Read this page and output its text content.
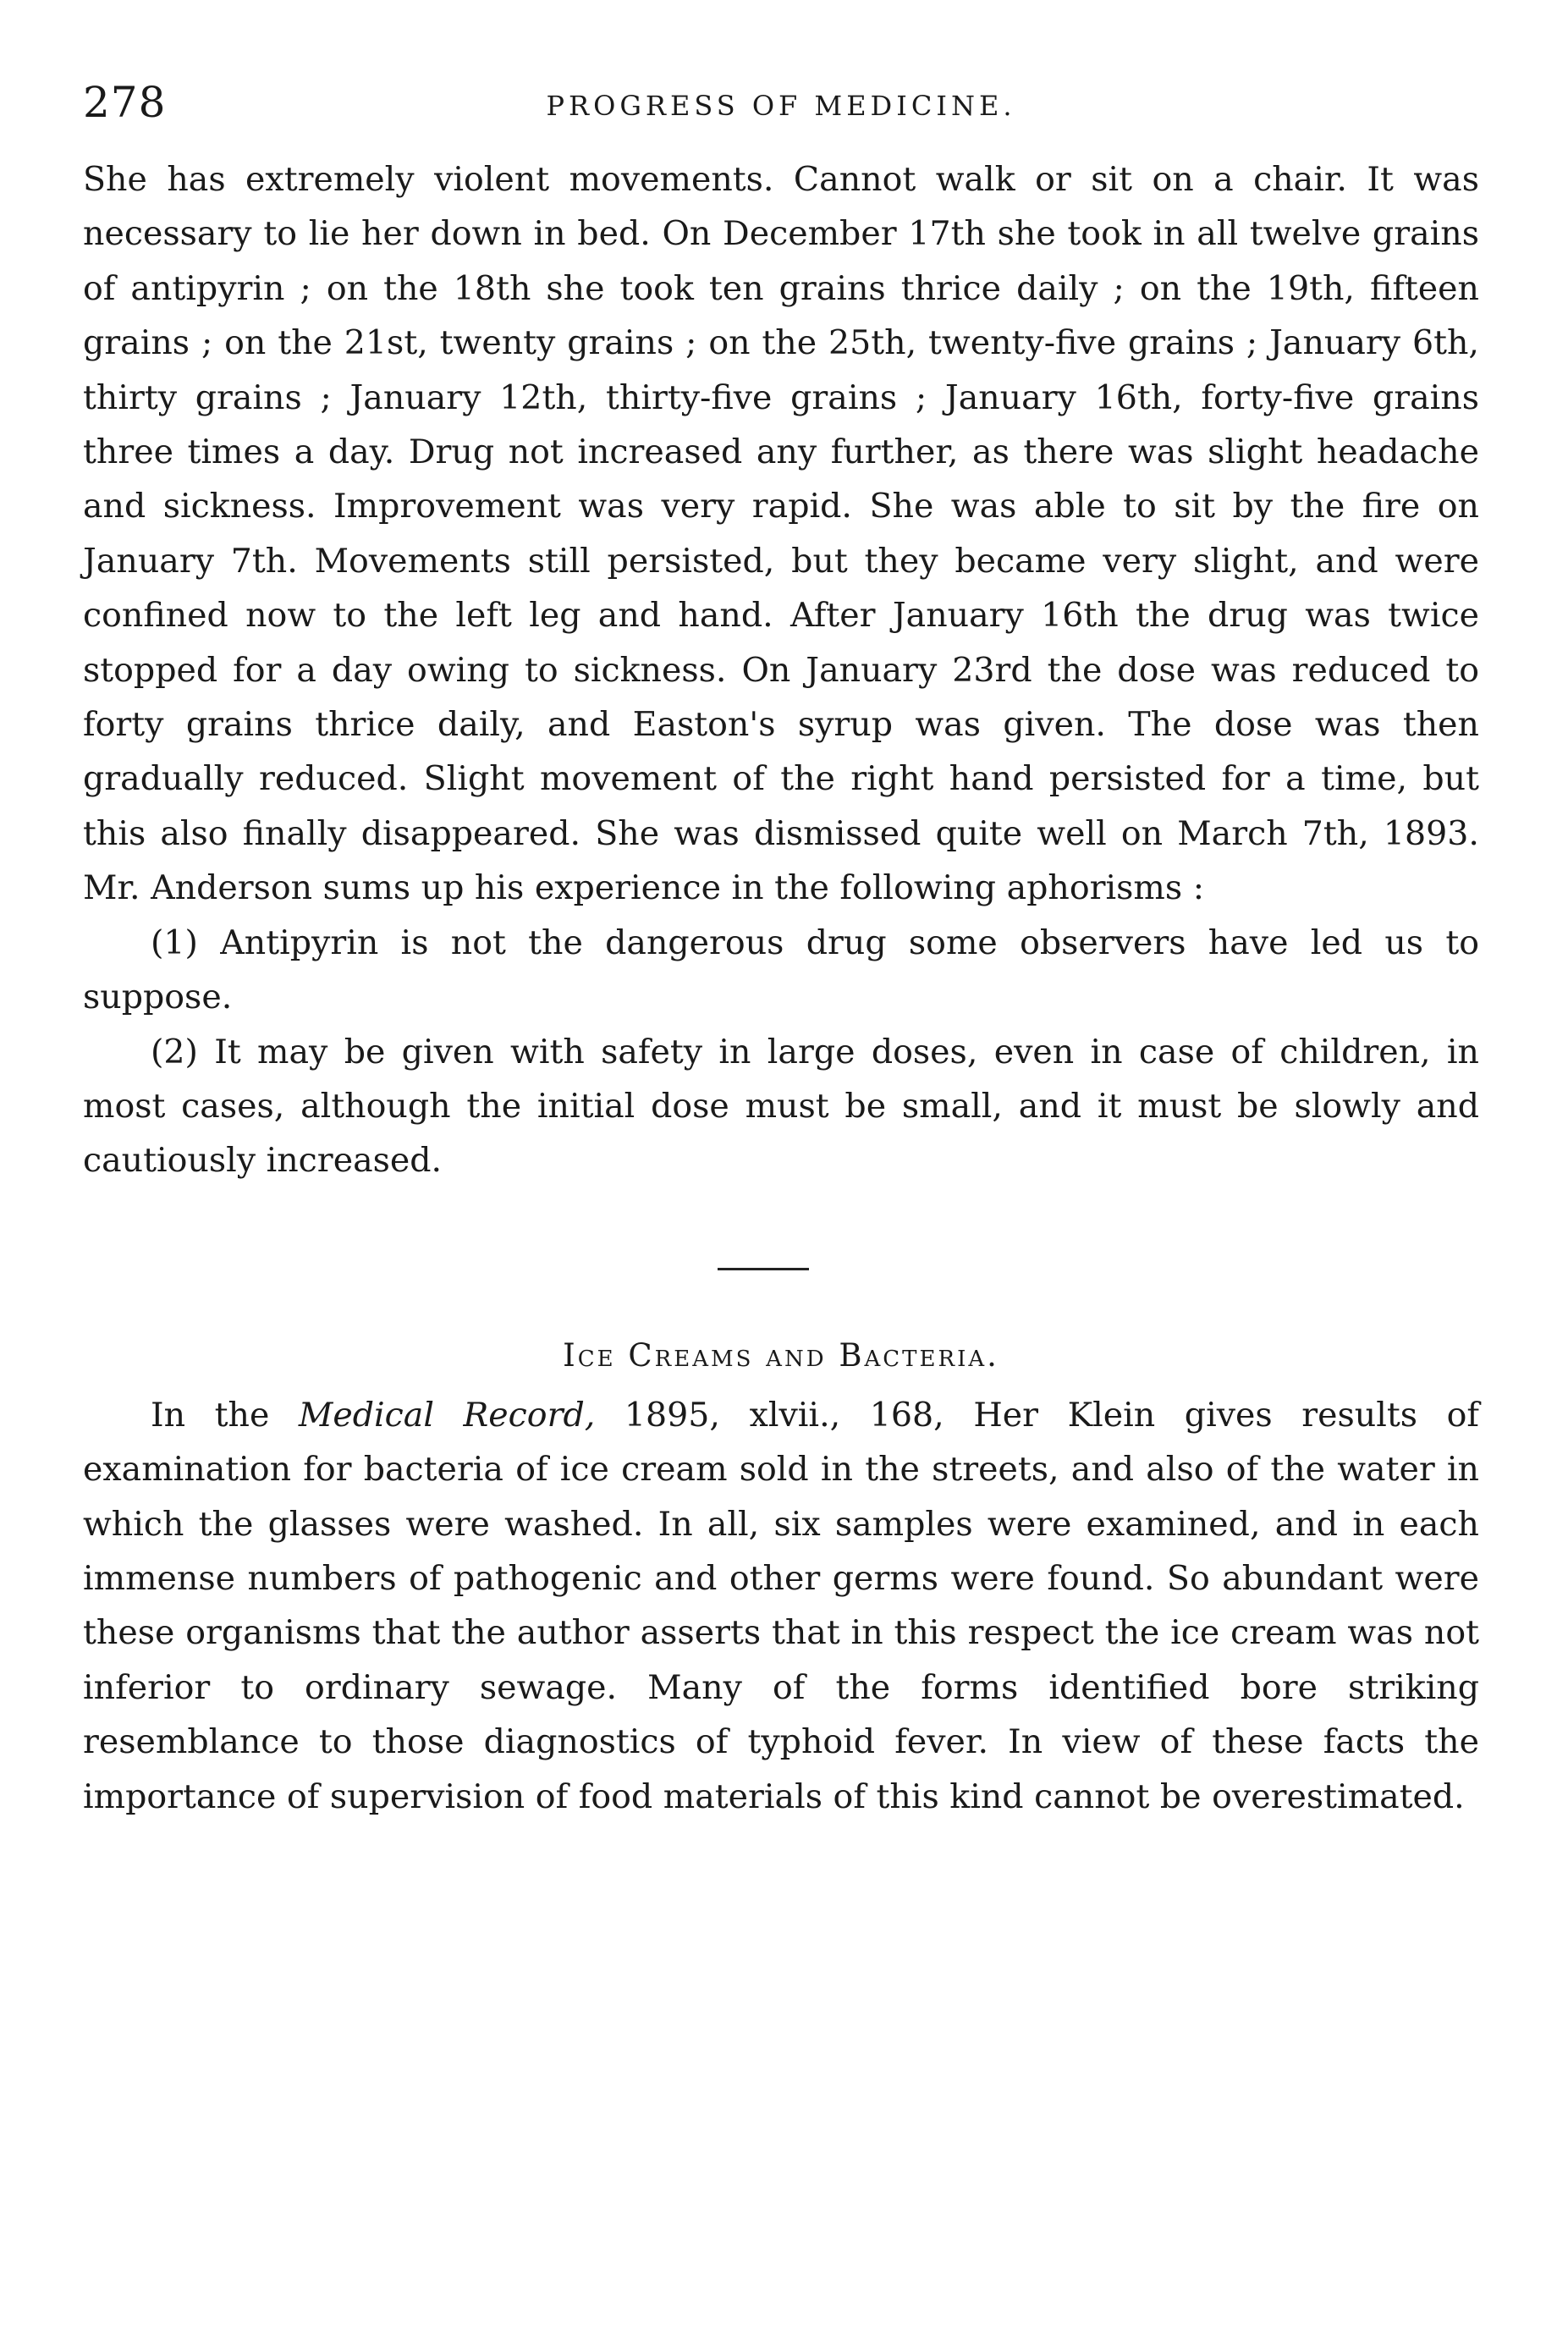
278	PROGRESS OF MEDICINE.

She has extremely violent movements. Cannot walk or sit on a chair. It was necessary to lie her down in bed. On December 17th she took in all twelve grains of antipyrin ; on the 18th she took ten grains thrice daily ; on the 19th, fifteen grains ; on the 21st, twenty grains ; on the 25th, twenty-five grains ; January 6th, thirty grains ; January 12th, thirty-five grains ; January 16th, forty-five grains three times a day. Drug not increased any further, as there was slight headache and sickness. Improvement was very rapid. She was able to sit by the fire on January 7th. Movements still persisted, but they became very slight, and were confined now to the left leg and hand. After January 16th the drug was twice stopped for a day owing to sickness. On January 23rd the dose was reduced to forty grains thrice daily, and Easton's syrup was given. The dose was then gradually reduced. Slight movement of the right hand persisted for a time, but this also finally disappeared. She was dismissed quite well on March 7th, 1893. Mr. Anderson sums up his experience in the following aphorisms :

(1) Antipyrin is not the dangerous drug some observers have led us to suppose.

(2) It may be given with safety in large doses, even in case of children, in most cases, although the initial dose must be small, and it must be slowly and cautiously increased.

Ice Creams and Bacteria.

In the Medical Record, 1895, xlvii., 168, Her Klein gives results of examination for bacteria of ice cream sold in the streets, and also of the water in which the glasses were washed. In all, six samples were examined, and in each immense numbers of pathogenic and other germs were found. So abundant were these organisms that the author asserts that in this respect the ice cream was not inferior to ordinary sewage. Many of the forms identified bore striking resemblance to those diagnostics of typhoid fever. In view of these facts the importance of supervision of food materials of this kind cannot be overestimated.
